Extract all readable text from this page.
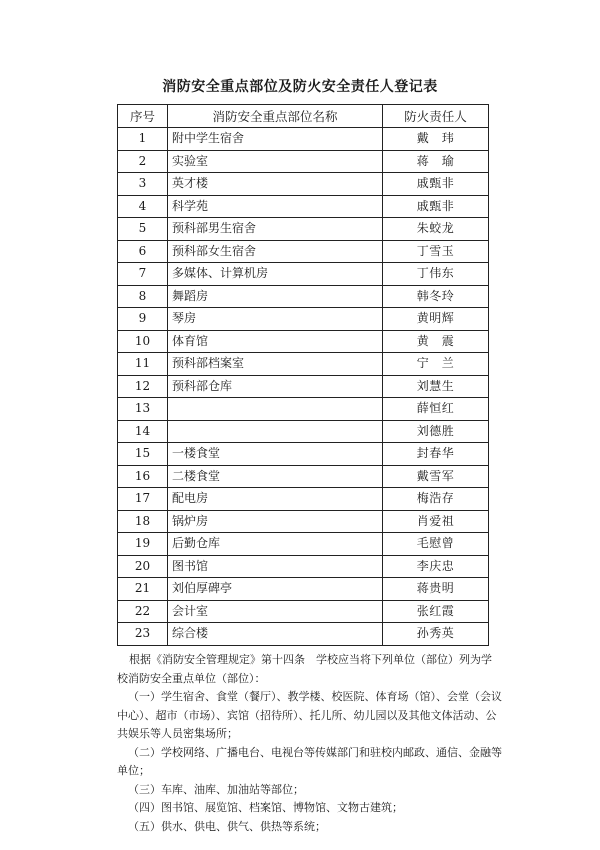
消防安全重点部位及防火安全责任人登记表
序号	消防安全重点部位名称	防火责任人
1	附中学生宿舍	戴　玮
2	实验室	蒋　瑜
3	英才楼	戚甄非
4	科学苑	戚甄非
5	预科部男生宿舍	朱蛟龙
6	预科部女生宿舍	丁雪玉
7	多媒体、计算机房	丁伟东
8	舞蹈房	韩冬玲
9	琴房	黄明辉
10	体育馆	黄　震
11	预科部档案室	宁　兰
12	预科部仓库	刘慧生
13		薛恒红
14		刘德胜
15	一楼食堂	封春华
16	二楼食堂	戴雪军
17	配电房	梅浩存
18	锅炉房	肖爱祖
19	后勤仓库	毛慰曾
20	图书馆	李庆忠
21	刘伯厚碑亭	蒋贵明
22	会计室	张红霞
23	综合楼	孙秀英

根据《消防安全管理规定》第十四条　学校应当将下列单位（部位）列为学校消防安全重点单位（部位）：

（一）学生宿舍、食堂（餐厅）、教学楼、校医院、体育场（馆）、会堂（会议中心）、超市（市场）、宾馆（招待所）、托儿所、幼儿园以及其他文体活动、公共娱乐等人员密集场所；

（二）学校网络、广播电台、电视台等传媒部门和驻校内邮政、通信、金融等单位；

（三）车库、油库、加油站等部位；

（四）图书馆、展览馆、档案馆、博物馆、文物古建筑；

（五）供水、供电、供气、供热等系统；
